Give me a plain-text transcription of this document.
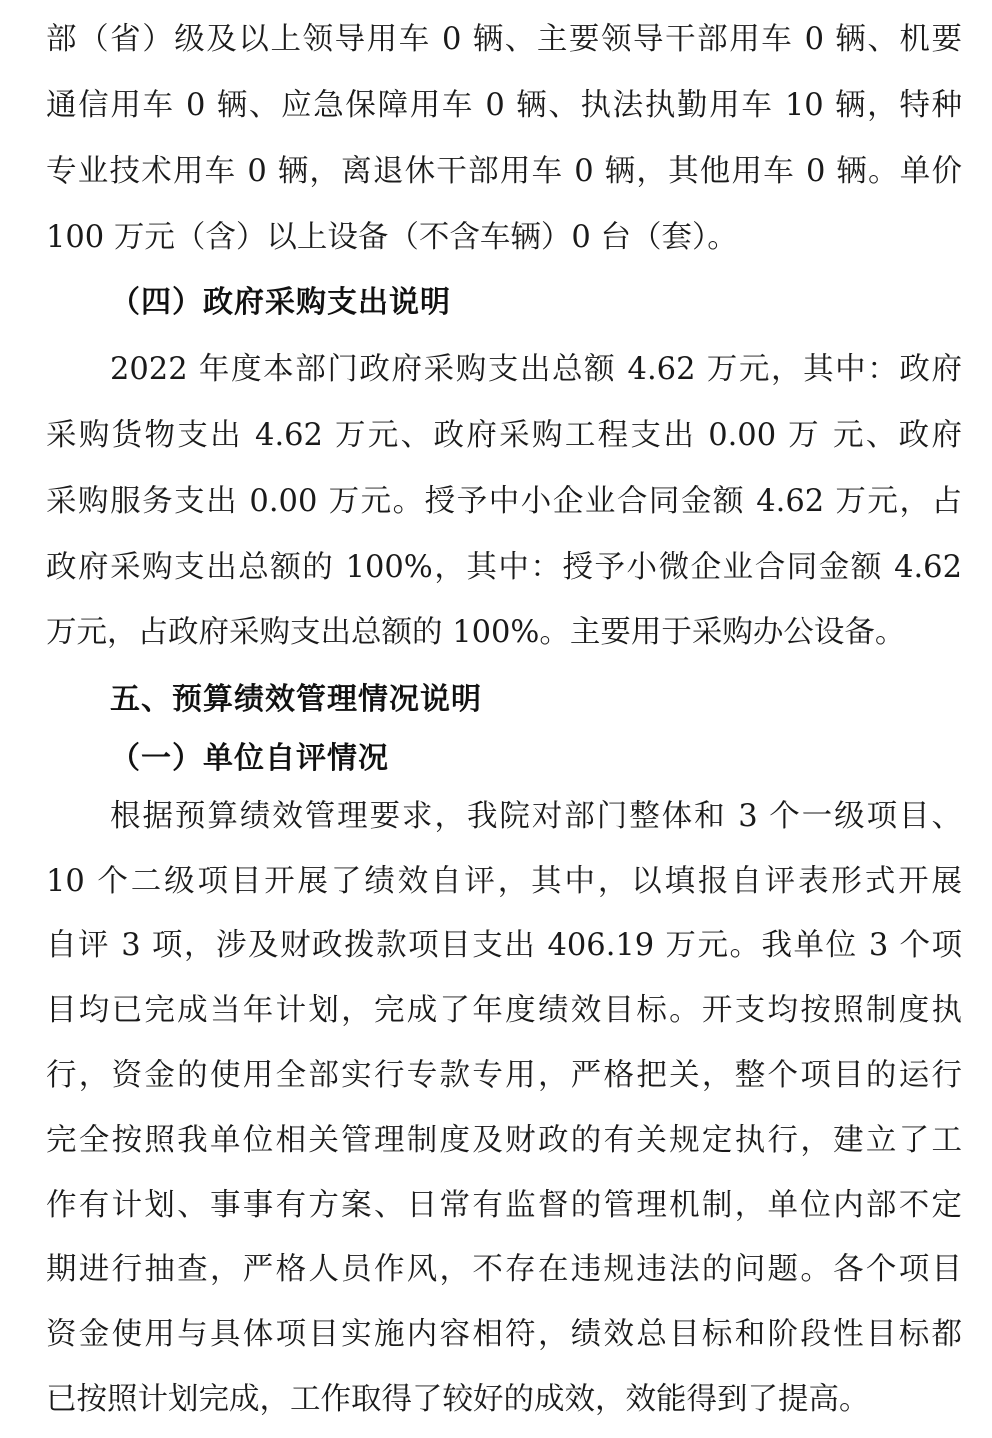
部（省）级及以上领导用车 0 辆、主要领导干部用车 0 辆、机要

通信用车 0 辆、应急保障用车 0 辆、执法执勤用车 10 辆，特种

专业技术用车 0 辆，离退休干部用车 0 辆，其他用车 0 辆。单价

100 万元（含）以上设备（不含车辆）0 台（套）。

（四）政府采购支出说明

2022 年度本部门政府采购支出总额 4.62 万元，其中：政府

采购货物支出 4.62 万元、政府采购工程支出 0.00 万 元、政府

采购服务支出 0.00 万元。授予中小企业合同金额 4.62 万元，占

政府采购支出总额的 100%，其中：授予小微企业合同金额 4.62

万元，占政府采购支出总额的 100%。主要用于采购办公设备。

五、预算绩效管理情况说明
（一）单位自评情况

根据预算绩效管理要求，我院对部门整体和 3 个一级项目、

10 个二级项目开展了绩效自评，其中，以填报自评表形式开展

自评 3 项，涉及财政拨款项目支出 406.19 万元。我单位 3 个项

目均已完成当年计划，完成了年度绩效目标。开支均按照制度执

行，资金的使用全部实行专款专用，严格把关，整个项目的运行

完全按照我单位相关管理制度及财政的有关规定执行，建立了工

作有计划、事事有方案、日常有监督的管理机制，单位内部不定

期进行抽查，严格人员作风，不存在违规违法的问题。各个项目

资金使用与具体项目实施内容相符，绩效总目标和阶段性目标都

已按照计划完成，工作取得了较好的成效，效能得到了提高。
